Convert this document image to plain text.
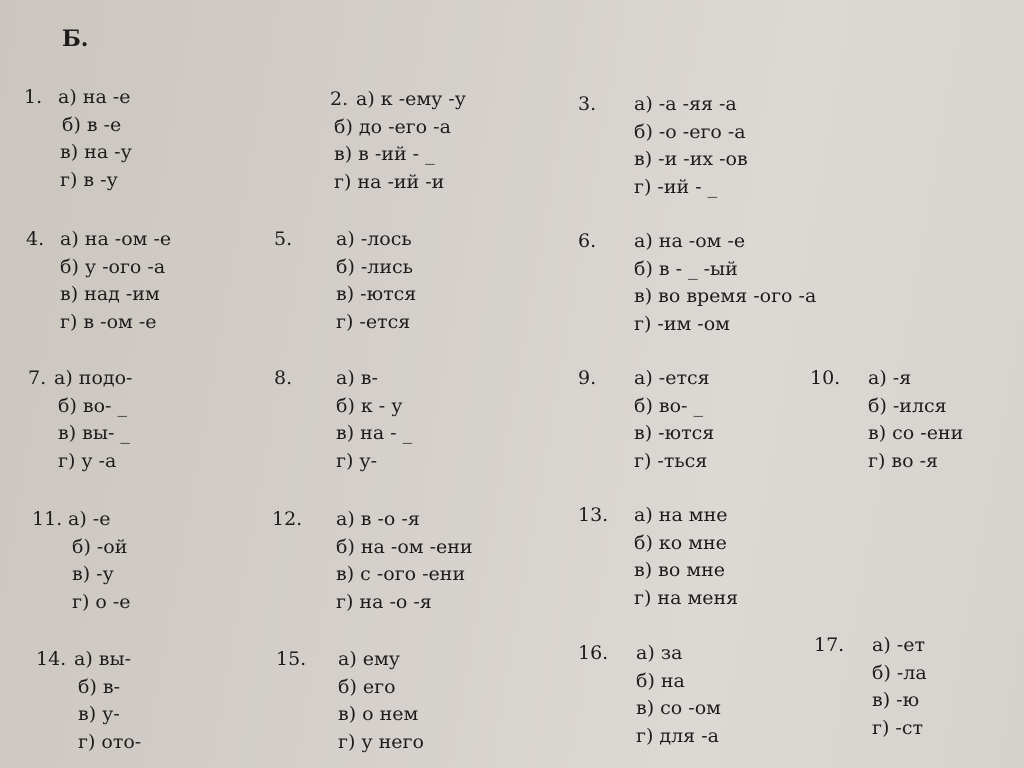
Б.
1. а) на -е
б) в -е
в) на -у
г) в -у
2. а) к -ему -у
б) до -его -а
в) в -ий - _
г) на -ий -и
3. а) -а -яя -а
б) -о -его -а
в) -и -их -ов
г) -ий - _
4. а) на -ом -е
б) у -ого -а
в) над -им
г) в -ом -е
5. а) -лось
б) -лись
в) -ются
г) -ется
6. а) на -ом -е
б) в - _ -ый
в) во время -ого -а
г) -им -ом
7. а) подо-
б) во- _
в) вы- _
г) у -а
8. а) в-
б) к - у
в) на - _
г) у-
9. а) -ется
б) во- _
в) -ются
г) -ться
10. а) -я
б) -ился
в) со -ени
г) во -я
11. а) -е
б) -ой
в) -у
г) о -е
12. а) в -о -я
б) на -ом -ени
в) с -ого -ени
г) на -о -я
13. а) на мне
б) ко мне
в) во мне
г) на меня
14. а) вы-
б) в-
в) у-
г) ото-
15. а) ему
б) его
в) о нем
г) у него
16. а) за
б) на
в) со -ом
г) для -а
17. а) -ет
б) -ла
в) -ю
г) -ст
